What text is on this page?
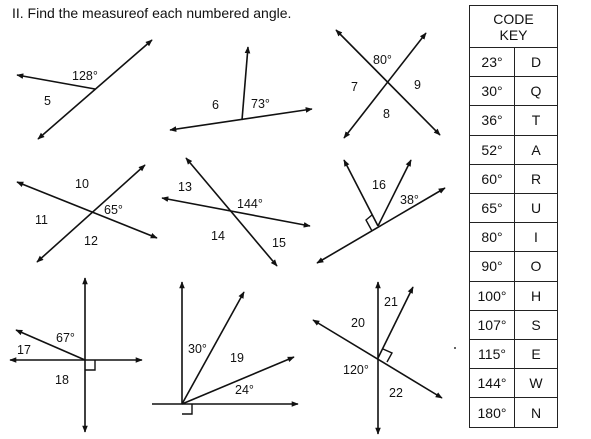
II. Find the measureof each numbered angle.
128°
5	6	73°
80°
7	9
8
10
65°
11
12
13
144°
14	15
16
38°
67°
17
18
30°
19
24°
21
20
120°
22
CODE
KEY
23°	D
30°	Q
36°	T
52°	A
60°	R
65°	U
80°	I
90°	O
100°	H
107°	S
115°	E
144°	W
180°	N
